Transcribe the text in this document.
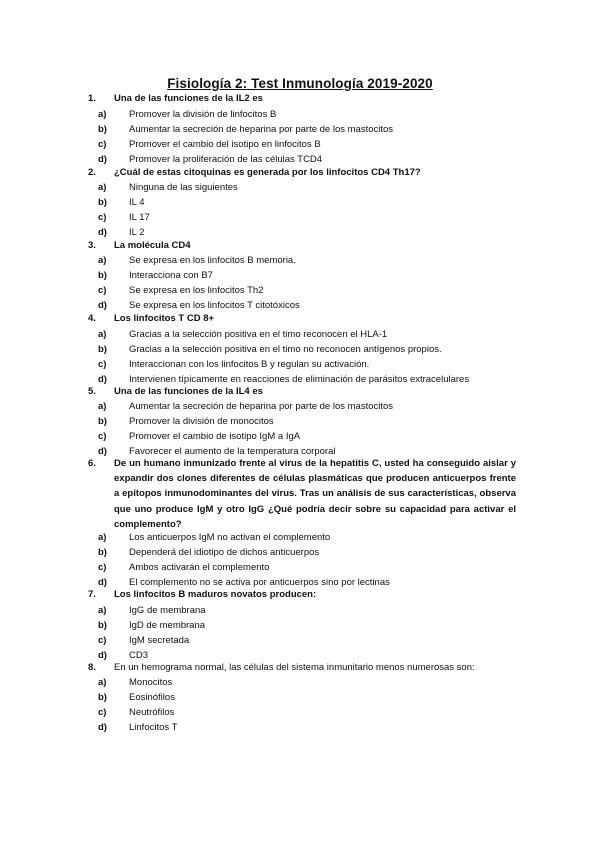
Fisiología 2: Test Inmunología 2019-2020
1. Una de las funciones de la IL2 es
a) Promover la división de linfocitos B
b) Aumentar la secreción de heparina por parte de los mastocitos
c) Promover el cambio del isotipo en linfocitos B
d) Promover la proliferación de las células TCD4
2. ¿Cuál de estas citoquinas es generada por los linfocitos CD4 Th17?
a) Ninguna de las siguientes
b) IL 4
c) IL 17
d) IL 2
3. La molécula CD4
a) Se expresa en los linfocitos B memoria.
b) Interacciona con B7
c) Se expresa en los linfocitos Th2
d) Se expresa en los linfocitos T citotóxicos
4. Los linfocitos T CD 8+
a) Gracias a la selección positiva en el timo reconocen el HLA-1
b) Gracias a la selección positiva en el timo no reconocen antígenos propios.
c) Interaccionan con los linfocitos B y regulan su activación.
d) Intervienen típicamente en reacciones de eliminación de parásitos extracelulares
5. Una de las funciones de la IL4 es
a) Aumentar la secreción de heparina por parte de los mastocitos
b) Promover la división de monocitos
c) Promover el cambio de isotipo IgM a IgA
d) Favorecer el aumento de la temperatura corporal
6. De un humano inmunizado frente al virus de la hepatitis C, usted ha conseguido aislar y expandir dos clones diferentes de células plasmáticas que producen anticuerpos frente a epítopos inmunodominantes del virus. Tras un análisis de sus características, observa que uno produce IgM y otro IgG ¿Qué podría decir sobre su capacidad para activar el complemento?
a) Los anticuerpos IgM no activan el complemento
b) Dependerá del idiotipo de dichos anticuerpos
c) Ambos activarán el complemento
d) El complemento no se activa por anticuerpos sino por lectinas
7. Los linfocitos B maduros novatos producen:
a) IgG de membrana
b) IgD de membrana
c) IgM secretada
d) CD3
8. En un hemograma normal, las células del sistema inmunitario menos numerosas son:
a) Monocitos
b) Eosinófilos
c) Neutrófilos
d) Linfocitos T
